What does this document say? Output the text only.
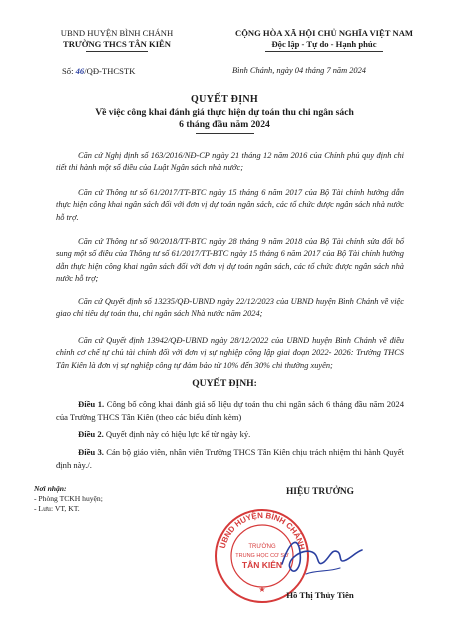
UBND HUYỆN BÌNH CHÁNH
TRƯỜNG THCS TÂN KIÊN
CỘNG HÒA XÃ HỘI CHỦ NGHĨA VIỆT NAM
Độc lập - Tự do - Hạnh phúc
Số: 46/QĐ-THCSTK	Bình Chánh, ngày 04 tháng 7 năm 2024
QUYẾT ĐỊNH
Về việc công khai đánh giá thực hiện dự toán thu chi ngân sách
6 tháng đầu năm 2024
Căn cứ Nghị định số 163/2016/NĐ-CP ngày 21 tháng 12 năm 2016 của Chính phủ quy định chi tiết thi hành một số điều của Luật Ngân sách nhà nước;
Căn cứ Thông tư số 61/2017/TT-BTC ngày 15 tháng 6 năm 2017 của Bộ Tài chính hướng dẫn thực hiện công khai ngân sách đối với đơn vị dự toán ngân sách, các tổ chức được ngân sách nhà nước hỗ trợ.
Căn cứ Thông tư số 90/2018/TT-BTC ngày 28 tháng 9 năm 2018 của Bộ Tài chính sửa đổi bổ sung một số điều của Thông tư số 61/2017/TT-BTC ngày 15 tháng 6 năm 2017 của Bộ Tài chính hướng dẫn thực hiện công khai ngân sách đối với đơn vị dự toán ngân sách, các tổ chức được ngân sách nhà nước hỗ trợ;
Căn cứ Quyết định số 13235/QĐ-UBND ngày 22/12/2023 của UBND huyện Bình Chánh về việc giao chỉ tiêu dự toán thu, chi ngân sách Nhà nước năm 2024;
Căn cứ Quyết định 13942/QĐ-UBND ngày 28/12/2022 của UBND huyện Bình Chánh về điều chỉnh cơ chế tự chủ tài chính đối với đơn vị sự nghiệp công lập giai đoạn 2022- 2026: Trường THCS Tân Kiên là đơn vị sự nghiệp công tự đảm bảo từ 10% đến 30% chi thường xuyên;
QUYẾT ĐỊNH:
Điều 1. Công bố công khai đánh giá số liệu dự toán thu chi ngân sách 6 tháng đầu năm 2024 của Trường THCS Tân Kiên (theo các biểu đính kèm)
Điều 2. Quyết định này có hiệu lực kể từ ngày ký.
Điều 3. Cán bộ giáo viên, nhân viên Trường THCS Tân Kiên chịu trách nhiệm thi hành Quyết định này./.
Nơi nhận:
- Phòng TCKH huyện;
- Lưu: VT, KT.
HIỆU TRƯỞNG
UBND HUYỆN BÌNH CHÁNH
TRƯỜNG
TRUNG HỌC CƠ SỞ
TÂN KIÊN
★
Hồ Thị Thủy Tiên
